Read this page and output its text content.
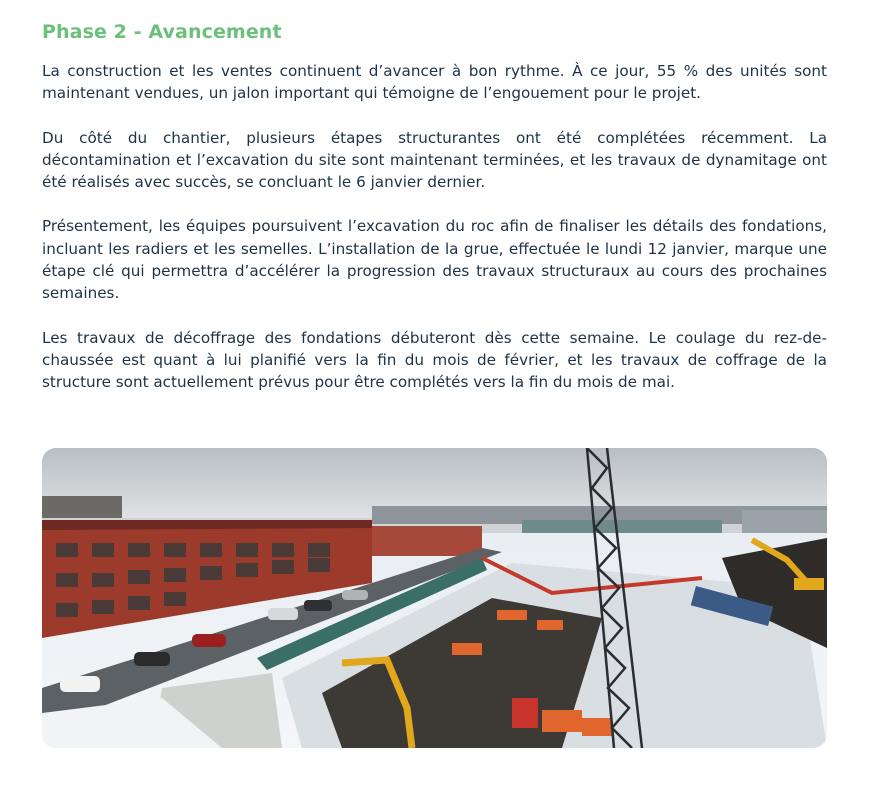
Phase 2 - Avancement

La construction et les ventes continuent d’avancer à bon rythme. À ce jour, 55 % des unités sont maintenant vendues, un jalon important qui témoigne de l’engouement pour le projet.

Du côté du chantier, plusieurs étapes structurantes ont été complétées récemment. La décontamination et l’excavation du site sont maintenant terminées, et les travaux de dynamitage ont été réalisés avec succès, se concluant le 6 janvier dernier.

Présentement, les équipes poursuivent l’excavation du roc afin de finaliser les détails des fondations, incluant les radiers et les semelles. L’installation de la grue, effectuée le lundi 12 janvier, marque une étape clé qui permettra d’accélérer la progression des travaux structuraux au cours des prochaines semaines.

Les travaux de décoffrage des fondations débuteront dès cette semaine. Le coulage du rez-de-chaussée est quant à lui planifié vers la fin du mois de février, et les travaux de coffrage de la structure sont actuellement prévus pour être complétés vers la fin du mois de mai.
